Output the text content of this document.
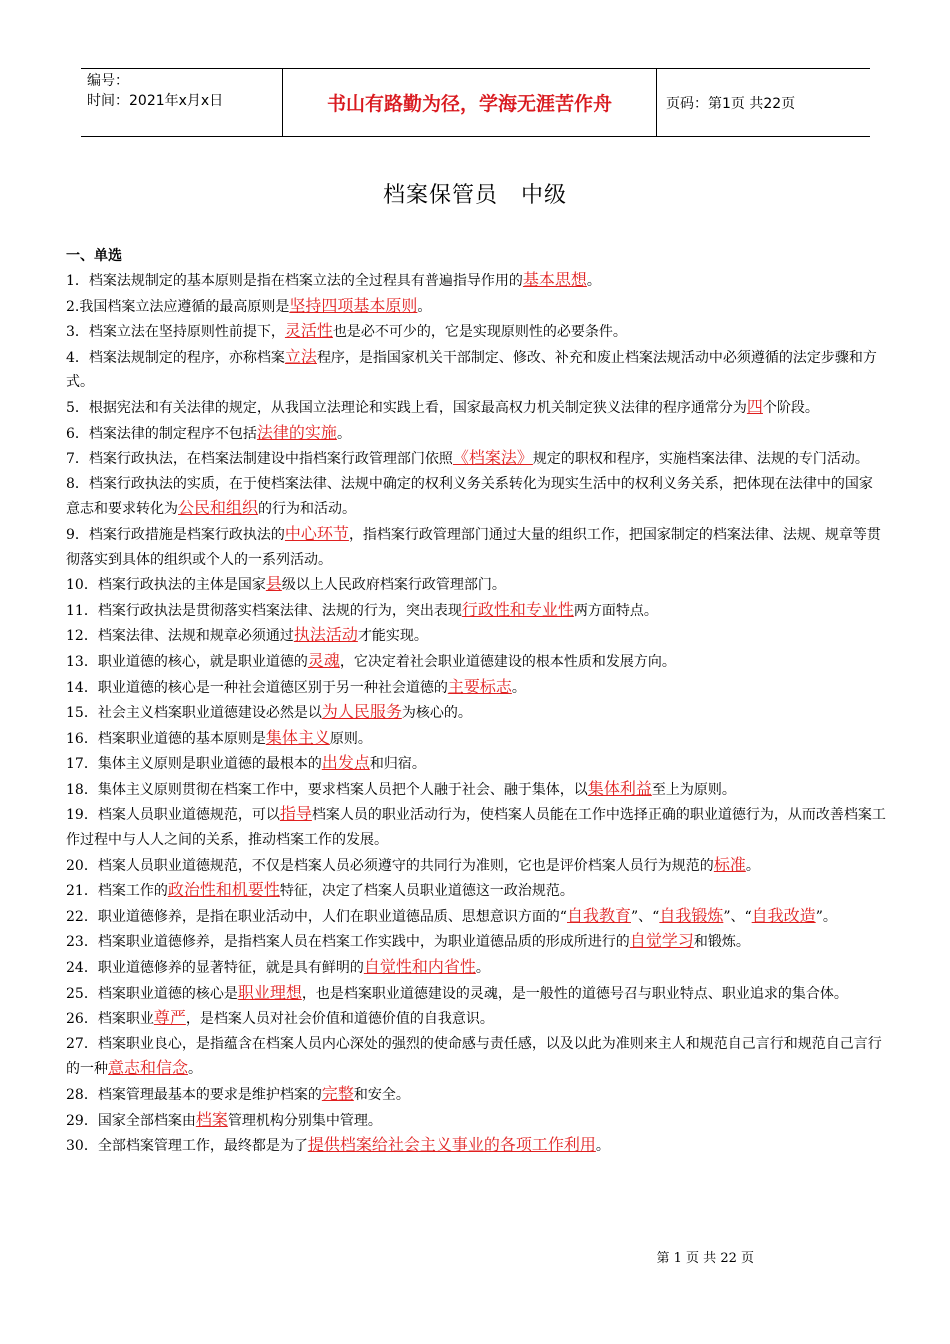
编号：
时间：2021年x月x日	书山有路勤为径，学海无涯苦作舟	页码：第1页 共22页
档案保管员　中级
一、单选

1．档案法规制定的基本原则是指在档案立法的全过程具有普遍指导作用的基本思想。

2.我国档案立法应遵循的最高原则是坚持四项基本原则。

3．档案立法在坚持原则性前提下，灵活性也是必不可少的，它是实现原则性的必要条件。

4．档案法规制定的程序，亦称档案立法程序，是指国家机关干部制定、修改、补充和废止档案法规活动中必须遵循的法定步骤和方式。

5．根据宪法和有关法律的规定，从我国立法理论和实践上看，国家最高权力机关制定狭义法律的程序通常分为四个阶段。

6．档案法律的制定程序不包括法律的实施。

7．档案行政执法，在档案法制建设中指档案行政管理部门依照《档案法》规定的职权和程序，实施档案法律、法规的专门活动。

8．档案行政执法的实质，在于使档案法律、法规中确定的权利义务关系转化为现实生活中的权利义务关系，把体现在法律中的国家意志和要求转化为公民和组织的行为和活动。

9．档案行政措施是档案行政执法的中心环节，指档案行政管理部门通过大量的组织工作，把国家制定的档案法律、法规、规章等贯彻落实到具体的组织或个人的一系列活动。

10．档案行政执法的主体是国家县级以上人民政府档案行政管理部门。

11．档案行政执法是贯彻落实档案法律、法规的行为，突出表现行政性和专业性两方面特点。

12．档案法律、法规和规章必须通过执法活动才能实现。

13．职业道德的核心，就是职业道德的灵魂，它决定着社会职业道德建设的根本性质和发展方向。

14．职业道德的核心是一种社会道德区别于另一种社会道德的主要标志。

15．社会主义档案职业道德建设必然是以为人民服务为核心的。

16．档案职业道德的基本原则是集体主义原则。

17．集体主义原则是职业道德的最根本的出发点和归宿。

18．集体主义原则贯彻在档案工作中，要求档案人员把个人融于社会、融于集体，以集体利益至上为原则。

19．档案人员职业道德规范，可以指导档案人员的职业活动行为，使档案人员能在工作中选择正确的职业道德行为，从而改善档案工作过程中与人人之间的关系，推动档案工作的发展。

20．档案人员职业道德规范，不仅是档案人员必须遵守的共同行为准则，它也是评价档案人员行为规范的标准。

21．档案工作的政治性和机要性特征，决定了档案人员职业道德这一政治规范。

22．职业道德修养，是指在职业活动中，人们在职业道德品质、思想意识方面的“自我教育”、“自我锻炼”、“自我改造”。

23．档案职业道德修养，是指档案人员在档案工作实践中，为职业道德品质的形成所进行的自觉学习和锻炼。

24．职业道德修养的显著特征，就是具有鲜明的自觉性和内省性。

25．档案职业道德的核心是职业理想，也是档案职业道德建设的灵魂，是一般性的道德号召与职业特点、职业追求的集合体。

26．档案职业尊严，是档案人员对社会价值和道德价值的自我意识。

27．档案职业良心，是指蕴含在档案人员内心深处的强烈的使命感与责任感，以及以此为准则来主人和规范自己言行和规范自己言行的一种意志和信念。

28．档案管理最基本的要求是维护档案的完整和安全。

29．国家全部档案由档案管理机构分别集中管理。

30．全部档案管理工作，最终都是为了提供档案给社会主义事业的各项工作利用。

第 1 页 共 22 页
